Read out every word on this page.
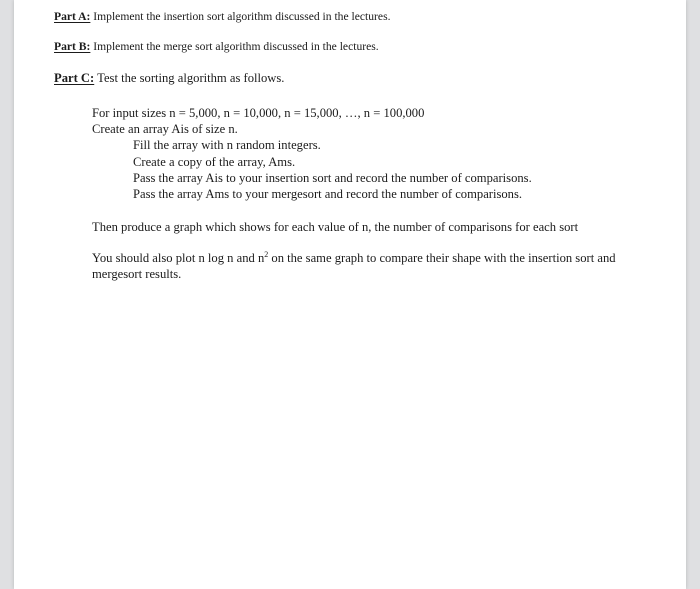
Part A: Implement the insertion sort algorithm discussed in the lectures.
Part B: Implement the merge sort algorithm discussed in the lectures.
Part C: Test the sorting algorithm as follows.
For input sizes n = 5,000, n = 10,000, n = 15,000, …, n = 100,000
Create an array Ais of size n.
Fill the array with n random integers.
Create a copy of the array, Ams.
Pass the array Ais to your insertion sort and record the number of comparisons.
Pass the array Ams to your mergesort and record the number of comparisons.
Then produce a graph which shows for each value of n, the number of comparisons for each sort
You should also plot n log n and $n^2$ on the same graph to compare their shape with the insertion sort and
mergesort results.
